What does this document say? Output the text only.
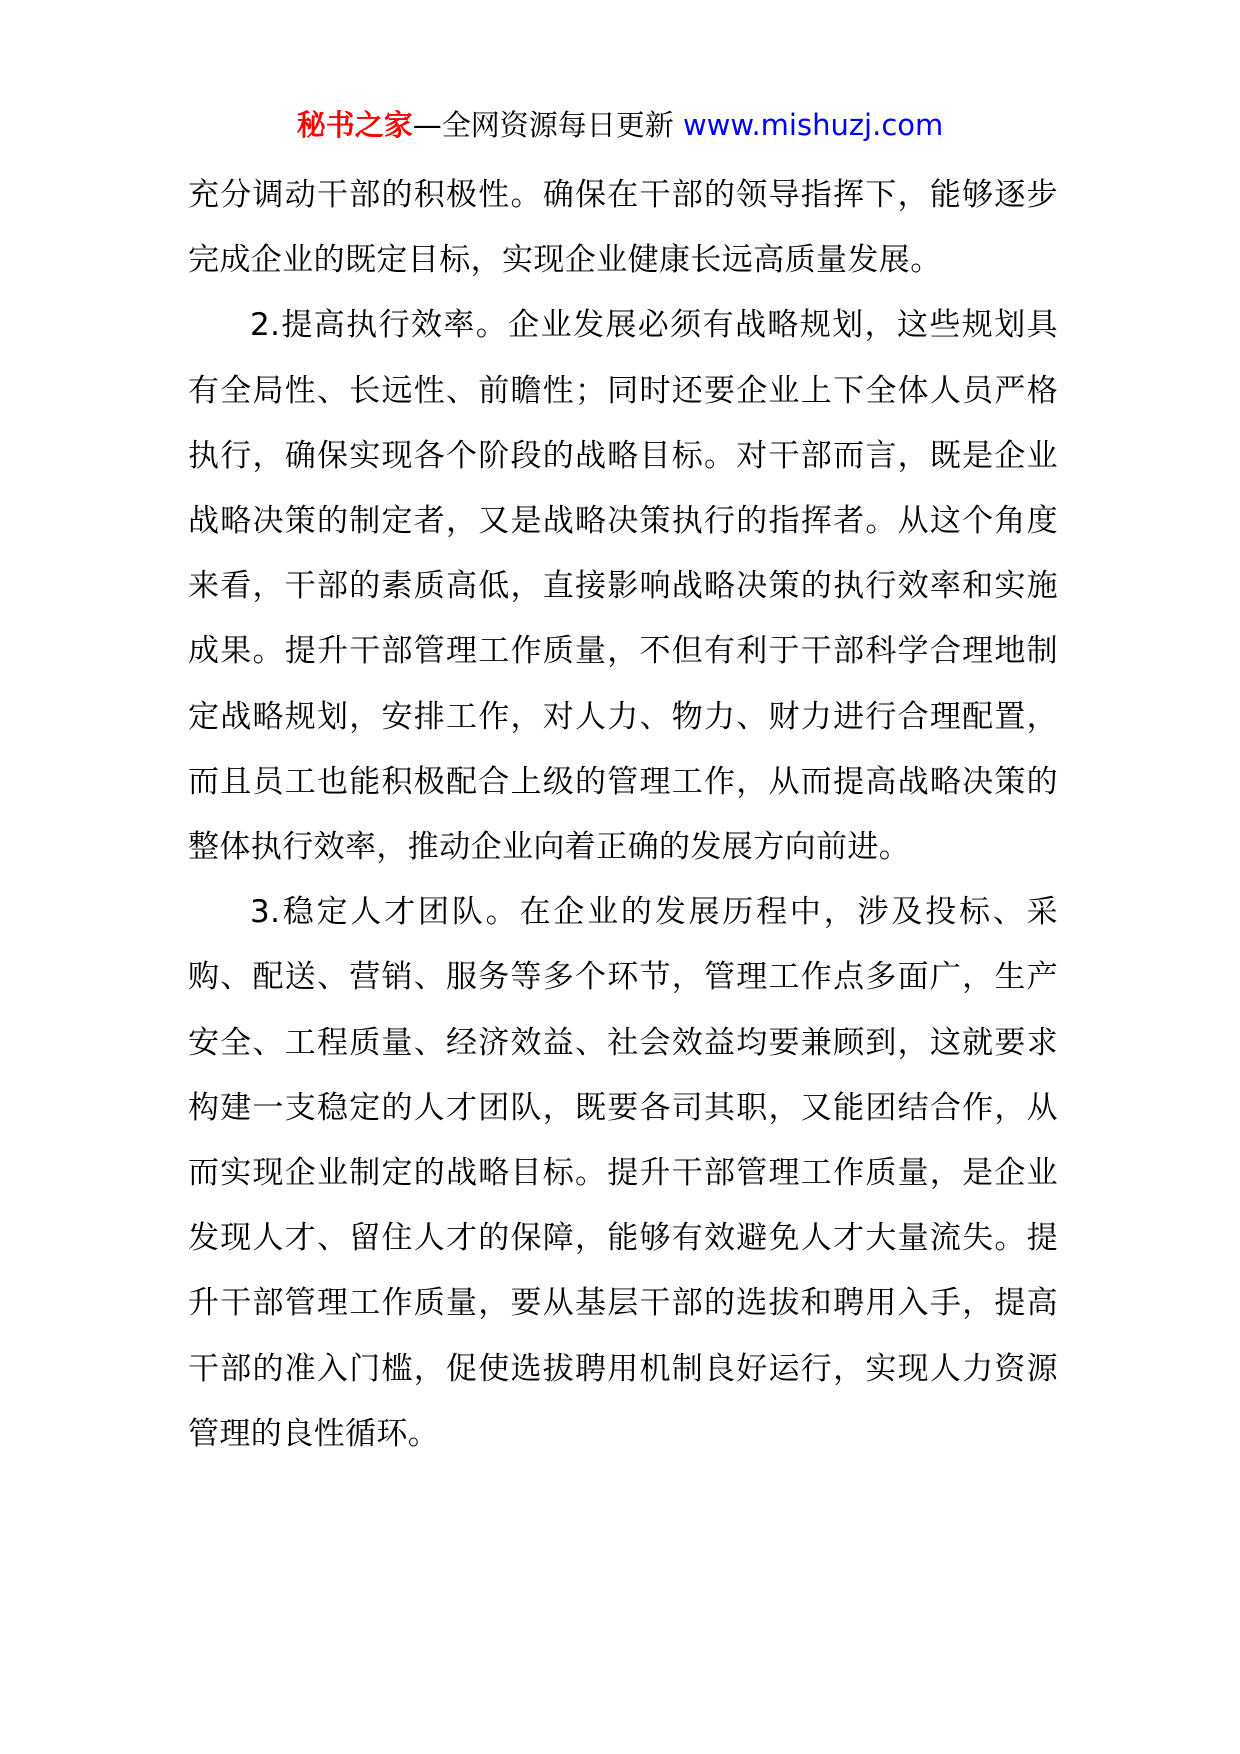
秘书之家—全网资源每日更新 www.mishuzj.com

充分调动干部的积极性。确保在干部的领导指挥下，能够逐步完成企业的既定目标，实现企业健康长远高质量发展。

2.提高执行效率。企业发展必须有战略规划，这些规划具有全局性、长远性、前瞻性；同时还要企业上下全体人员严格执行，确保实现各个阶段的战略目标。对干部而言，既是企业战略决策的制定者，又是战略决策执行的指挥者。从这个角度来看，干部的素质高低，直接影响战略决策的执行效率和实施成果。提升干部管理工作质量，不但有利于干部科学合理地制定战略规划，安排工作，对人力、物力、财力进行合理配置，而且员工也能积极配合上级的管理工作，从而提高战略决策的整体执行效率，推动企业向着正确的发展方向前进。

3.稳定人才团队。在企业的发展历程中，涉及投标、采购、配送、营销、服务等多个环节，管理工作点多面广，生产安全、工程质量、经济效益、社会效益均要兼顾到，这就要求构建一支稳定的人才团队，既要各司其职，又能团结合作，从而实现企业制定的战略目标。提升干部管理工作质量，是企业发现人才、留住人才的保障，能够有效避免人才大量流失。提升干部管理工作质量，要从基层干部的选拔和聘用入手，提高干部的准入门槛，促使选拔聘用机制良好运行，实现人力资源管理的良性循环。
